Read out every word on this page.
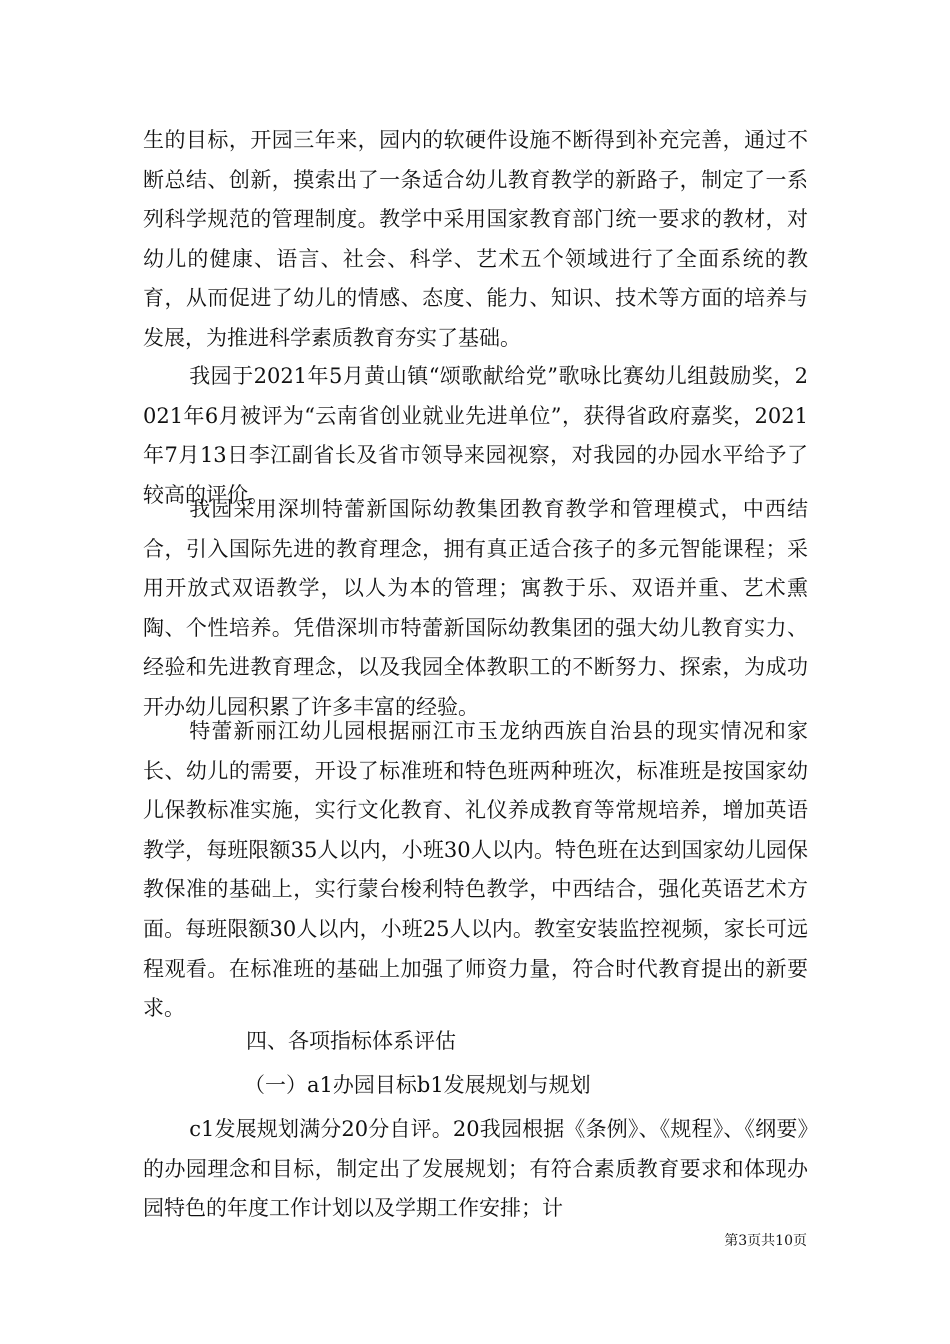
生的目标，开园三年来，园内的软硬件设施不断得到补充完善，通过不断总结、创新，摸索出了一条适合幼儿教育教学的新路子，制定了一系列科学规范的管理制度。教学中采用国家教育部门统一要求的教材，对幼儿的健康、语言、社会、科学、艺术五个领域进行了全面系统的教育，从而促进了幼儿的情感、态度、能力、知识、技术等方面的培养与发展，为推进科学素质教育夯实了基础。

我园于2021年5月黄山镇“颂歌献给党”歌咏比赛幼儿组鼓励奖，2021年6月被评为“云南省创业就业先进单位”，获得省政府嘉奖，2021年7月13日李江副省长及省市领导来园视察，对我园的办园水平给予了较高的评价。

我园采用深圳特蕾新国际幼教集团教育教学和管理模式，中西结合，引入国际先进的教育理念，拥有真正适合孩子的多元智能课程；采用开放式双语教学，以人为本的管理；寓教于乐、双语并重、艺术熏陶、个性培养。凭借深圳市特蕾新国际幼教集团的强大幼儿教育实力、经验和先进教育理念，以及我园全体教职工的不断努力、探索，为成功开办幼儿园积累了许多丰富的经验。

特蕾新丽江幼儿园根据丽江市玉龙纳西族自治县的现实情况和家长、幼儿的需要，开设了标准班和特色班两种班次，标准班是按国家幼儿保教标准实施，实行文化教育、礼仪养成教育等常规培养，增加英语教学，每班限额35人以内，小班30人以内。特色班在达到国家幼儿园保教保准的基础上，实行蒙台梭利特色教学，中西结合，强化英语艺术方面。每班限额30人以内，小班25人以内。教室安装监控视频，家长可远程观看。在标准班的基础上加强了师资力量，符合时代教育提出的新要求。

四、各项指标体系评估

（一）a1办园目标b1发展规划与规划

c1发展规划满分20分自评。20我园根据《条例》、《规程》、《纲要》的办园理念和目标，制定出了发展规划；有符合素质教育要求和体现办园特色的年度工作计划以及学期工作安排；计

第3页共10页
